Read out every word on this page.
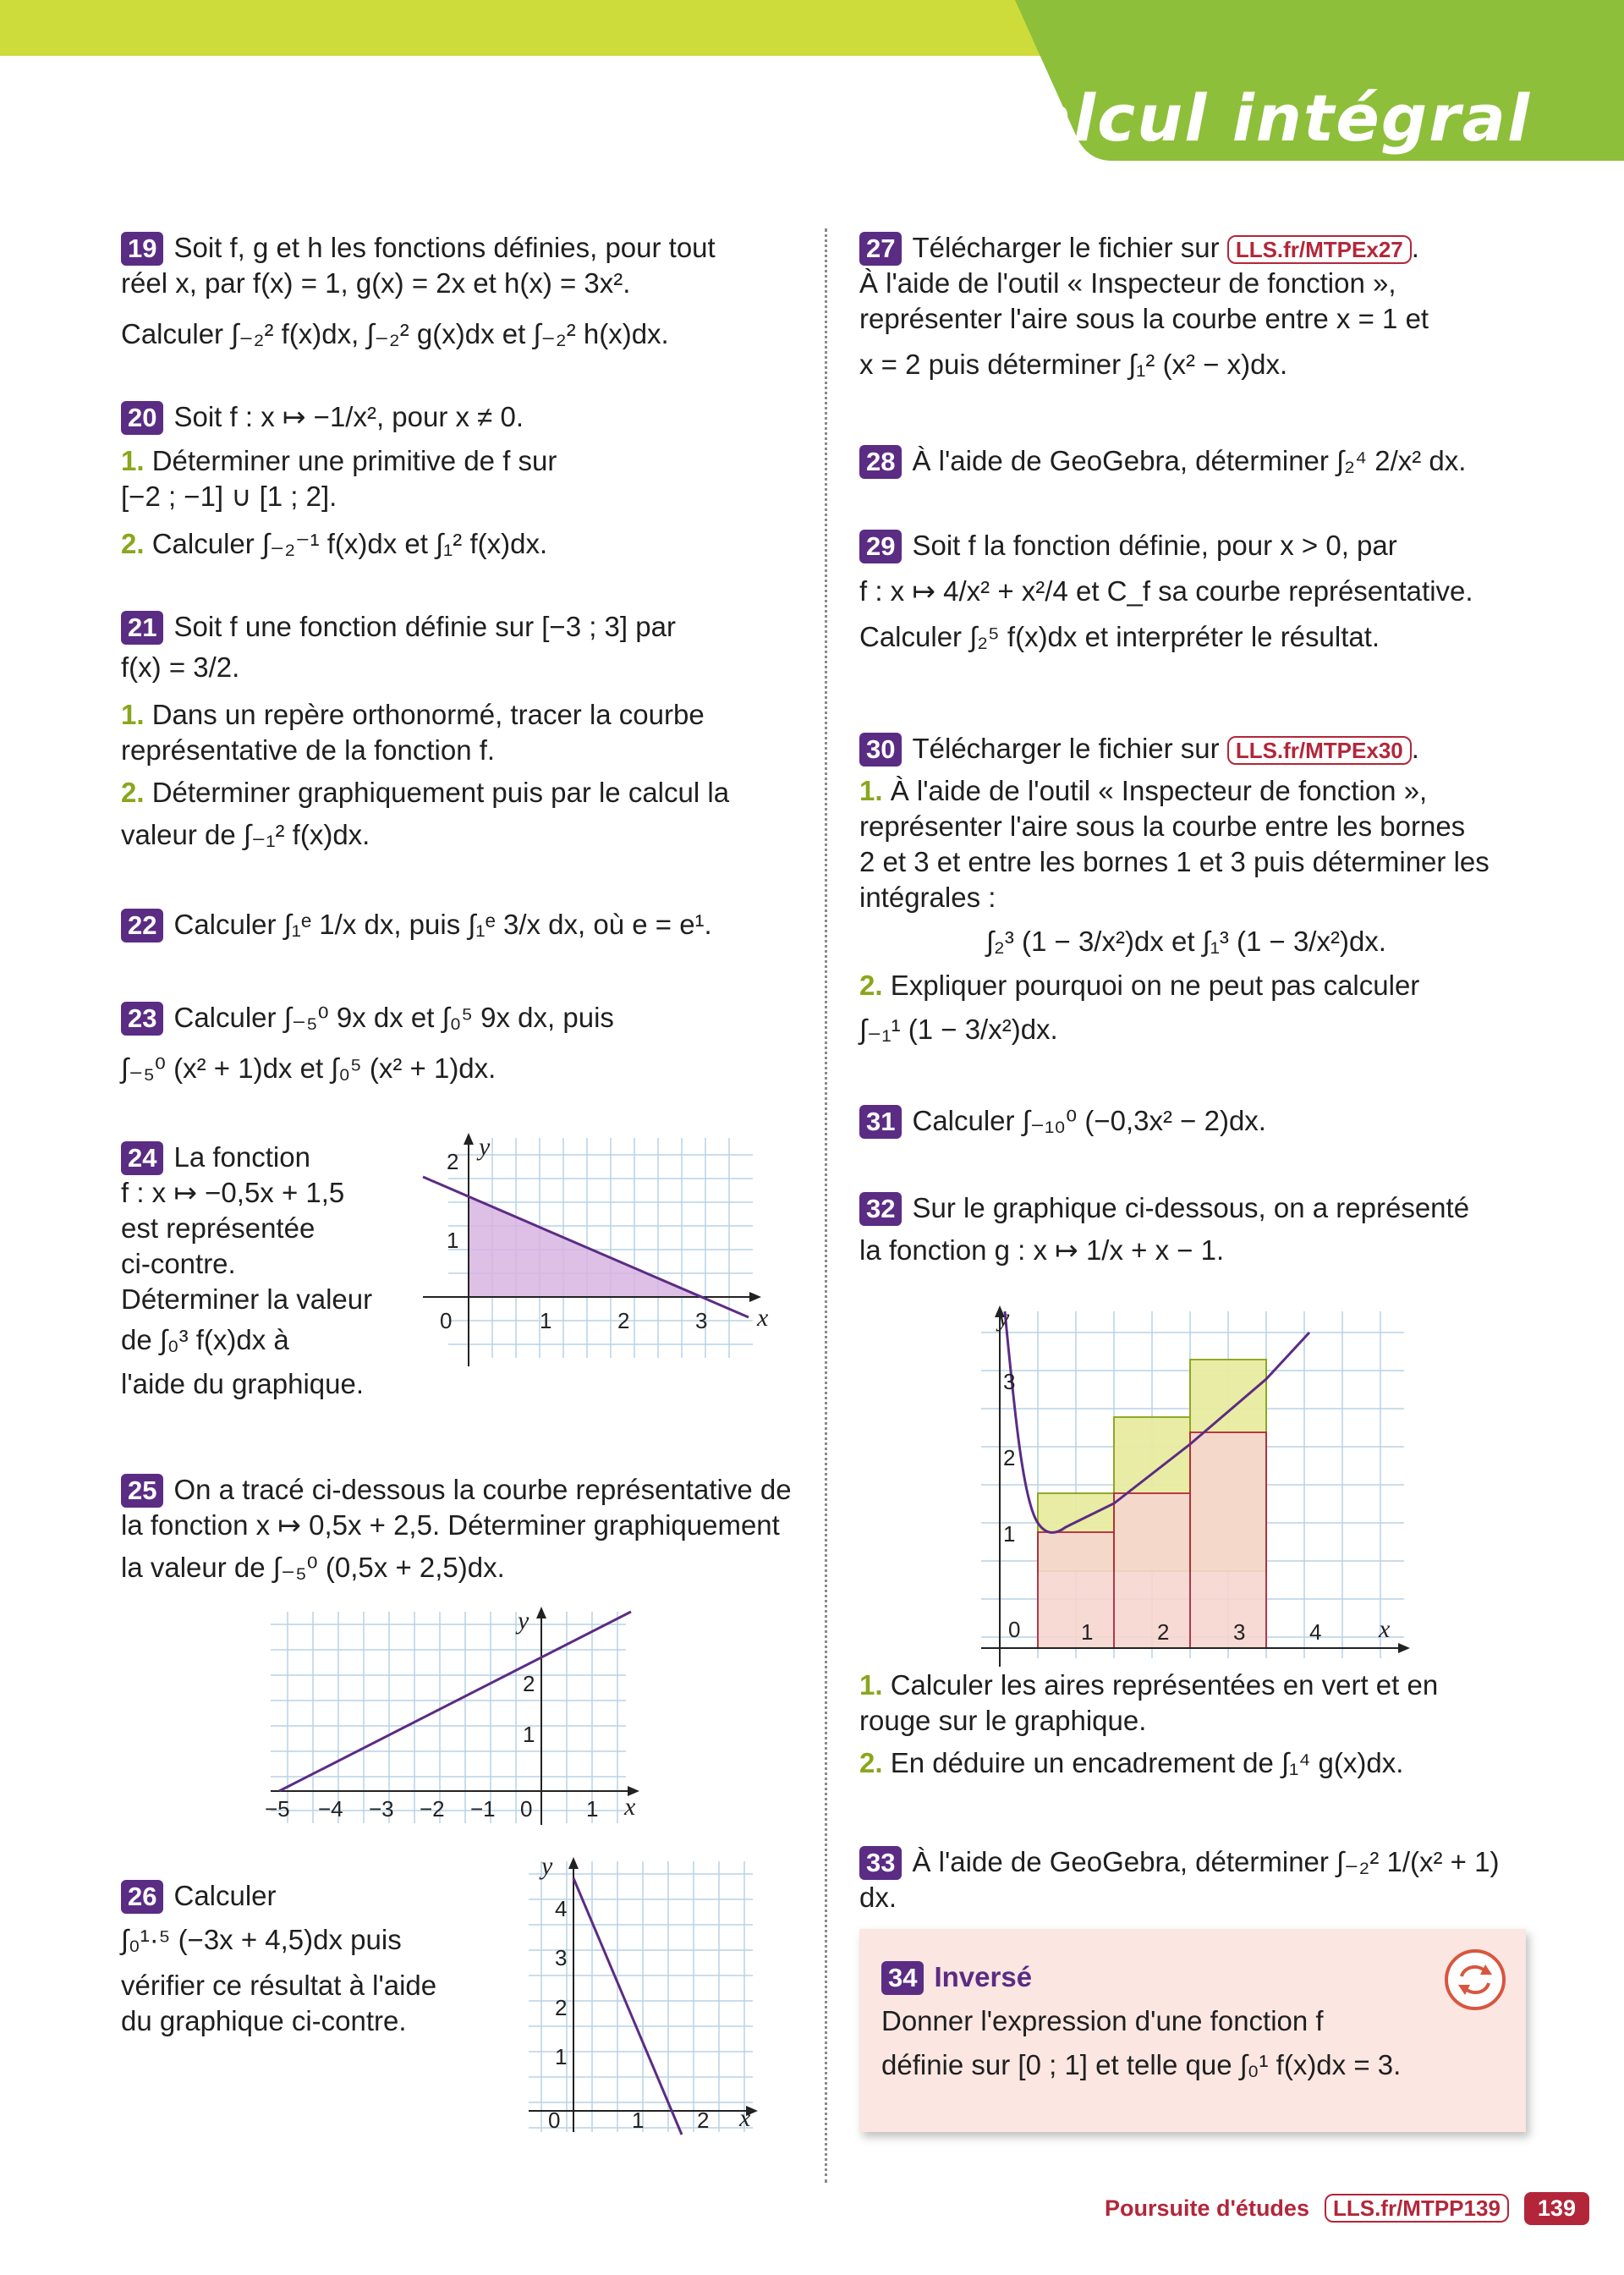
Calcul intégral
19 Soit f, g et h les fonctions définies, pour tout
réel x, par f(x) = 1, g(x) = 2x et h(x) = 3x².

Calculer ∫₋₂² f(x)dx, ∫₋₂² g(x)dx et ∫₋₂² h(x)dx.
20 Soit f : x ↦ −1/x², pour x ≠ 0.

1. Déterminer une primitive de f sur
[−2 ; −1] ∪ [1 ; 2].
2. Calculer ∫₋₂⁻¹ f(x)dx et ∫₁² f(x)dx.
21 Soit f une fonction définie sur [−3 ; 3] par

f(x) = 3/2.
1. Dans un repère orthonormé, tracer la courbe
représentative de la fonction f.
2. Déterminer graphiquement puis par le calcul la
valeur de ∫₋₁² f(x)dx.
22 Calculer ∫₁ᵉ 1/x dx, puis ∫₁ᵉ 3/x dx, où e = e¹.
23 Calculer ∫₋₅⁰ 9x dx et ∫₀⁵ 9x dx, puis

∫₋₅⁰ (x² + 1)dx et ∫₀⁵ (x² + 1)dx.
24 La fonction
f : x ↦ −0,5x + 1,5
est représentée
ci-contre.
Déterminer la valeur

de ∫₀³ f(x)dx à
l'aide du graphique.
25 On a tracé ci-dessous la courbe représentative de
la fonction x ↦ 0,5x + 2,5. Déterminer graphiquement

la valeur de ∫₋₅⁰ (0,5x + 2,5)dx.
26 Calculer

∫₀¹·⁵ (−3x + 4,5)dx puis
vérifier ce résultat à l'aide
du graphique ci-contre.
0	1	2	3
1
2
x
y
−5 −4 −3 −2 −1 0 1
1
2
x
y
0	1 2
1
2
3
4
x
y
27 Télécharger le fichier sur LLS.fr/MTPEx27 .
À l'aide de l'outil « Inspecteur de fonction »,
représenter l'aire sous la courbe entre x = 1 et

x = 2 puis déterminer ∫₁² (x² − x)dx.
28 À l'aide de GeoGebra, déterminer ∫₂⁴ 2/x² dx.
29 Soit f la fonction définie, pour x > 0, par

f : x ↦ 4/x² + x²/4 et C_f sa courbe représentative.
Calculer ∫₂⁵ f(x)dx et interpréter le résultat.
30 Télécharger le fichier sur LLS.fr/MTPEx30 .

1. À l'aide de l'outil « Inspecteur de fonction »,
représenter l'aire sous la courbe entre les bornes
2 et 3 et entre les bornes 1 et 3 puis déterminer les
intégrales :
∫₂³ (1 − 3/x²)dx et ∫₁³ (1 − 3/x²)dx.
2. Expliquer pourquoi on ne peut pas calculer
∫₋₁¹ (1 − 3/x²)dx.
31 Calculer ∫₋₁₀⁰ (−0,3x² − 2)dx.
32 Sur le graphique ci-dessous, on a représenté

la fonction g : x ↦ 1/x + x − 1.
1. Calculer les aires représentées en vert et en
rouge sur le graphique.
2. En déduire un encadrement de ∫₁⁴ g(x)dx.
33 À l'aide de GeoGebra, déterminer ∫₋₂² 1/(x² + 1) dx.
0	1	2	3	4
1
2
3
x
y
34 Inversé
Donner l'expression d'une fonction f
définie sur [0 ; 1] et telle que ∫₀¹ f(x)dx = 3.
Poursuite d'études	LLS.fr/MTPP139	139
